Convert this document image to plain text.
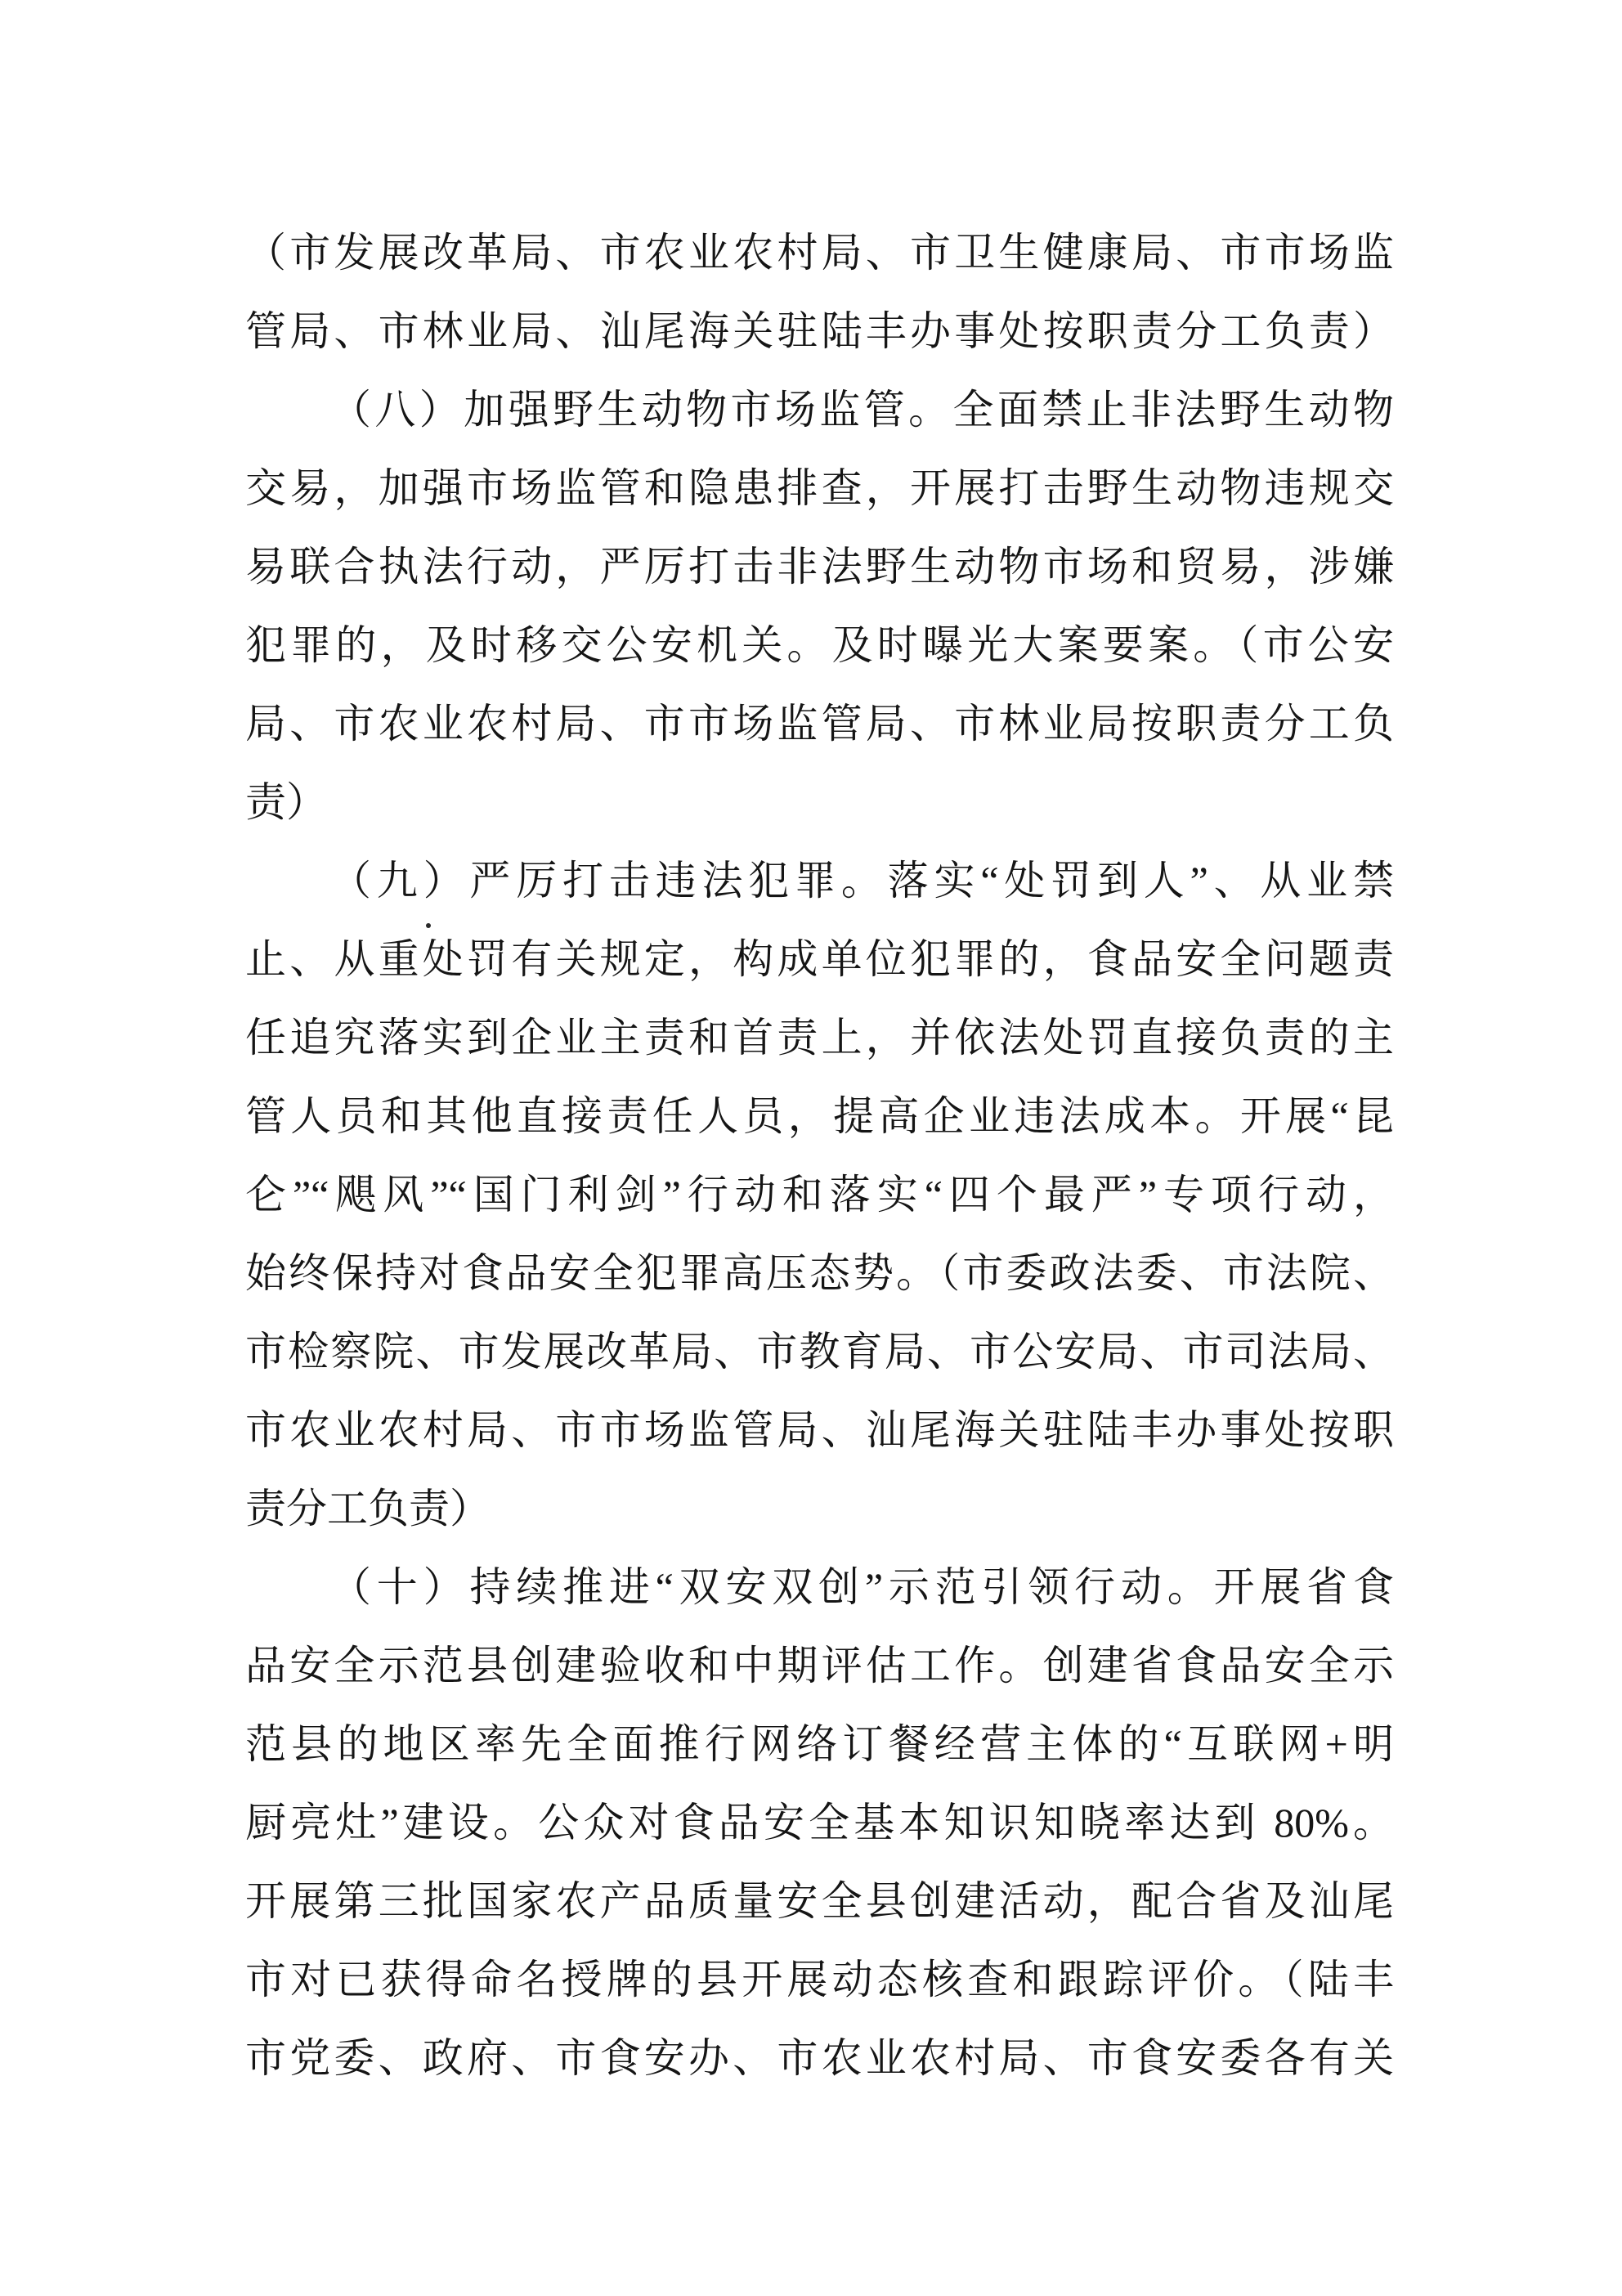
（市发展改革局、市农业农村局、市卫生健康局、市市场监
管局、市林业局、汕尾海关驻陆丰办事处按职责分工负责）
（八）加强野生动物市场监管。全面禁止非法野生动物
交易，加强市场监管和隐患排查，开展打击野生动物违规交
易联合执法行动，严厉打击非法野生动物市场和贸易，涉嫌
犯罪的，及时移交公安机关。及时曝光大案要案。（市公安
局、市农业农村局、市市场监管局、市林业局按职责分工负
责）
（九）严厉打击违法犯罪。落实“处罚到人”、从业禁
止、从重处罚有关规定，构成单位犯罪的，食品安全问题责
任追究落实到企业主责和首责上，并依法处罚直接负责的主
管人员和其他直接责任人员，提高企业违法成本。开展“昆
仑”“飓风”“国门利剑”行动和落实“四个最严”专项行动，
始终保持对食品安全犯罪高压态势。（市委政法委、市法院、
市检察院、市发展改革局、市教育局、市公安局、市司法局、
市农业农村局、市市场监管局、汕尾海关驻陆丰办事处按职
责分工负责）
（十）持续推进“双安双创”示范引领行动。开展省食
品安全示范县创建验收和中期评估工作。创建省食品安全示
范县的地区率先全面推行网络订餐经营主体的“互联网+明
厨亮灶”建设。公众对食品安全基本知识知晓率达到 80%。
开展第三批国家农产品质量安全县创建活动，配合省及汕尾
市对已获得命名授牌的县开展动态核查和跟踪评价。（陆丰
市党委、政府、市食安办、市农业农村局、市食安委各有关
